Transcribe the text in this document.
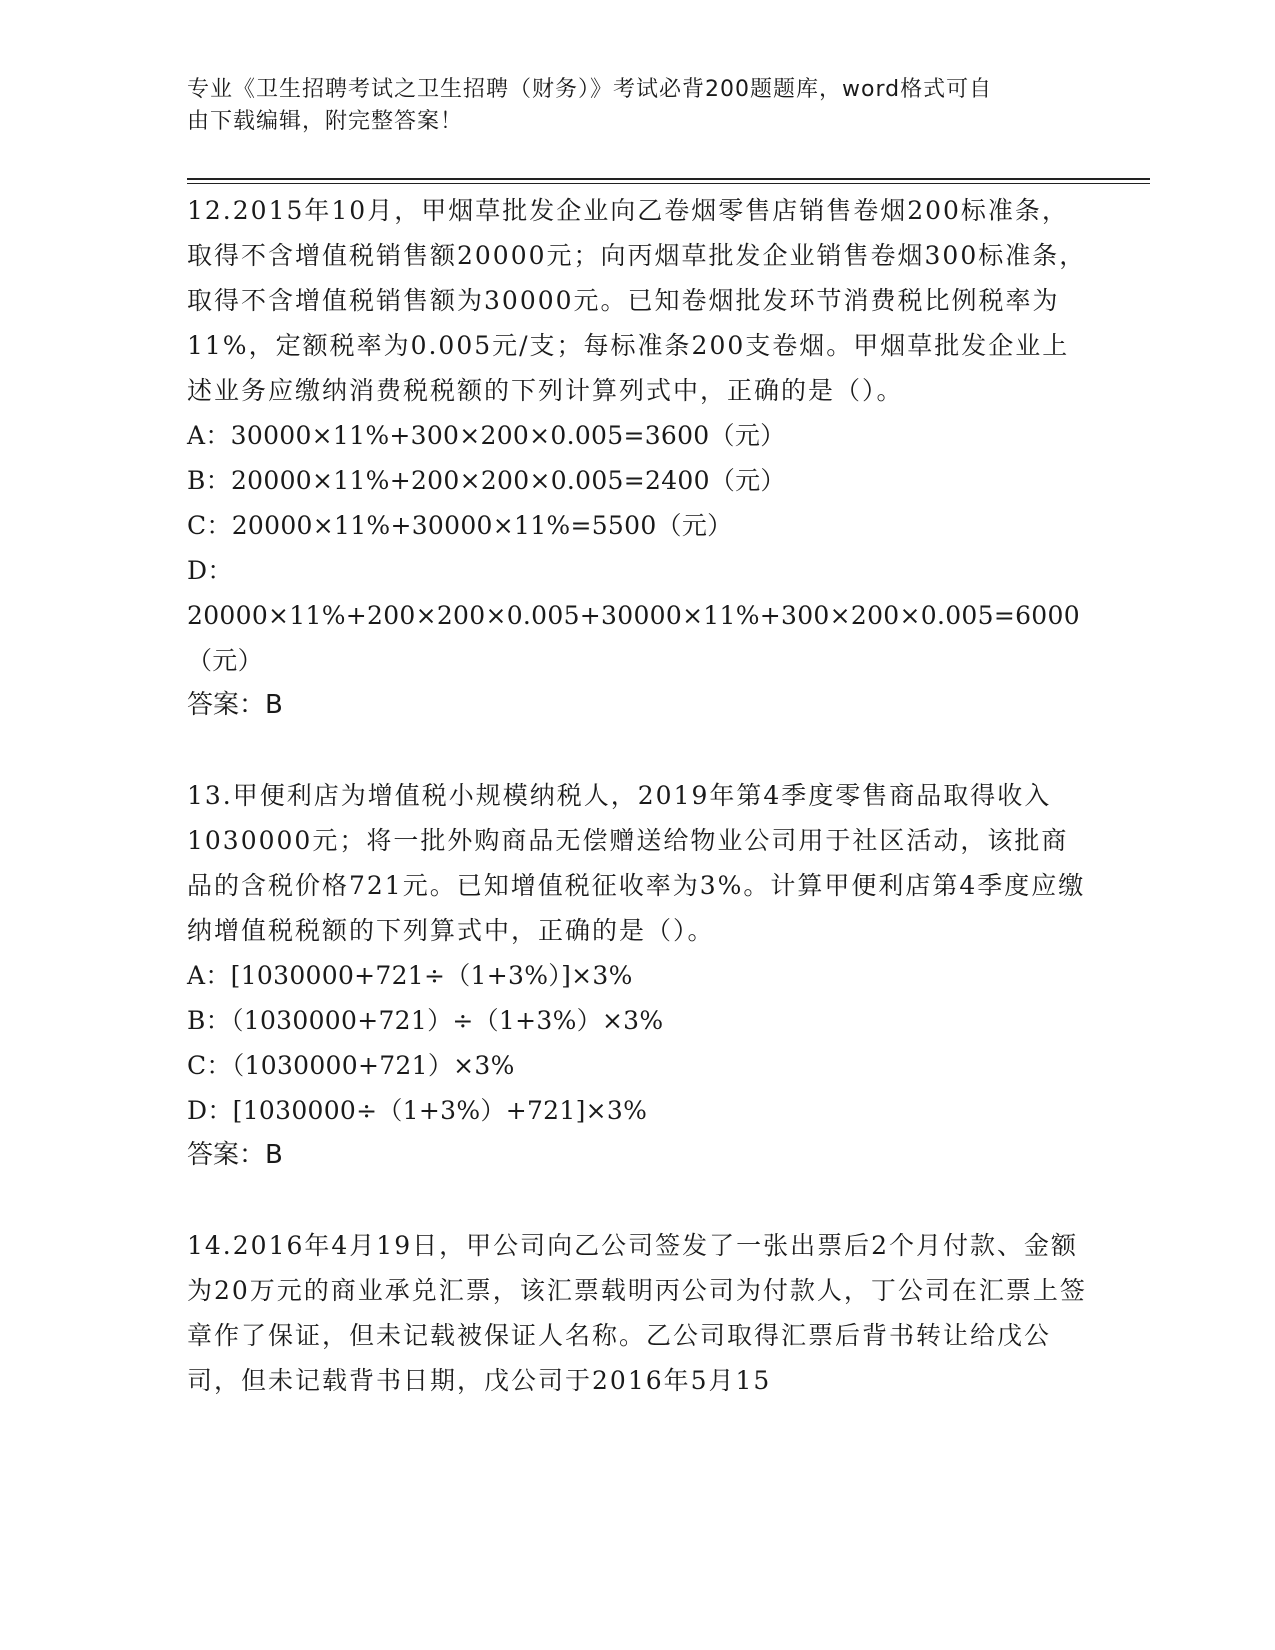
专业《卫生招聘考试之卫生招聘（财务）》考试必背200题题库，word格式可自
由下载编辑，附完整答案！

12.2015年10月，甲烟草批发企业向乙卷烟零售店销售卷烟200标准条，取得不含增值税销售额20000元；向丙烟草批发企业销售卷烟300标准条，取得不含增值税销售额为30000元。已知卷烟批发环节消费税比例税率为11%，定额税率为0.005元/支；每标准条200支卷烟。甲烟草批发企业上述业务应缴纳消费税税额的下列计算列式中，正确的是（）。

A：30000×11%+300×200×0.005=3600（元）

B：20000×11%+200×200×0.005=2400（元）

C：20000×11%+30000×11%=5500（元）

D：20000×11%+200×200×0.005+30000×11%+300×200×0.005=6000（元）

答案：B

13.甲便利店为增值税小规模纳税人，2019年第4季度零售商品取得收入1030000元；将一批外购商品无偿赠送给物业公司用于社区活动，该批商品的含税价格721元。已知增值税征收率为3%。计算甲便利店第4季度应缴纳增值税税额的下列算式中，正确的是（）。

A：[1030000+721÷（1+3%）]×3%

B：（1030000+721）÷（1+3%）×3%

C：（1030000+721）×3%

D：[1030000÷（1+3%）+721]×3%

答案：B

14.2016年4月19日，甲公司向乙公司签发了一张出票后2个月付款、金额为20万元的商业承兑汇票，该汇票载明丙公司为付款人，丁公司在汇票上签章作了保证，但未记载被保证人名称。乙公司取得汇票后背书转让给戊公司，但未记载背书日期，戊公司于2016年5月15
